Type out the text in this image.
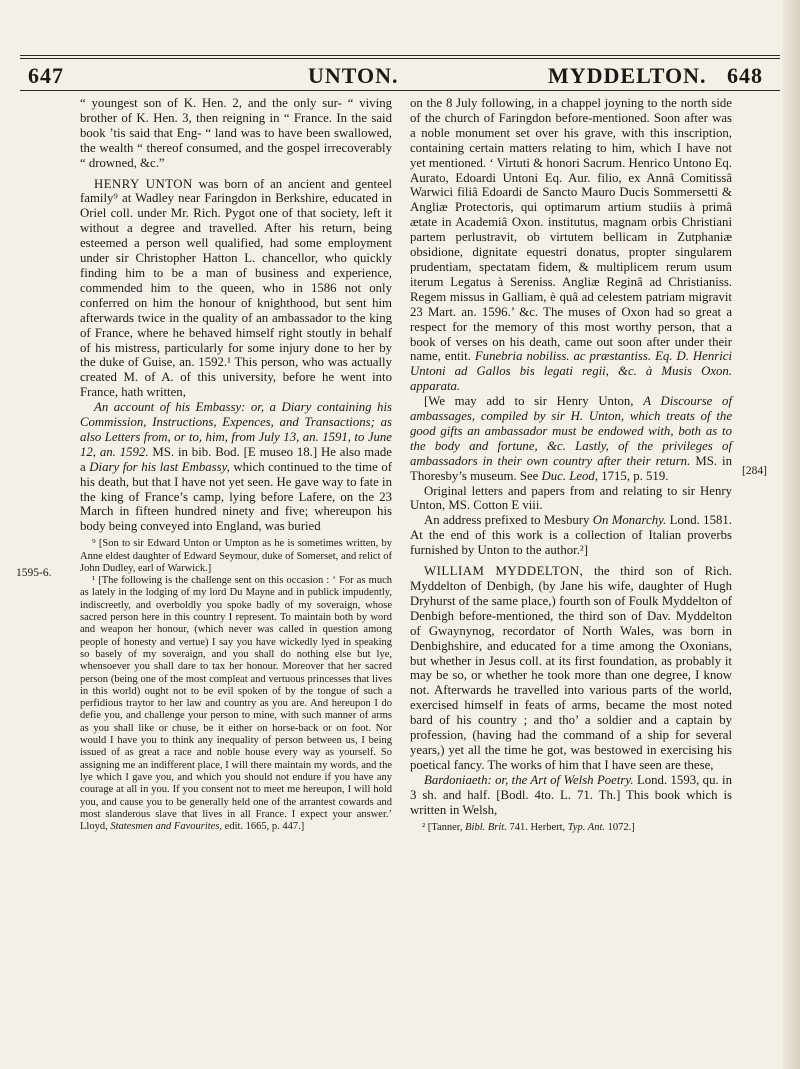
647	UNTON.	MYDDELTON. 648
1595-6.
[284]

“ youngest son of K. Hen. 2, and the only sur- “ viving brother of K. Hen. 3, then reigning in “ France. In the said book ’tis said that Eng- “ land was to have been swallowed, the wealth “ thereof consumed, and the gospel irrecoverably “ drowned, &c.”

HENRY UNTON was born of an ancient and genteel family⁹ at Wadley near Faringdon in Berkshire, educated in Oriel coll. under Mr. Rich. Pygot one of that society, left it without a degree and travelled. After his return, being esteemed a person well qualified, had some employment under sir Christopher Hatton L. chancellor, who quickly finding him to be a man of business and experience, commended him to the queen, who in 1586 not only conferred on him the honour of knighthood, but sent him afterwards twice in the quality of an ambassador to the king of France, where he behaved himself right stoutly in behalf of his mistress, particularly for some injury done to her by the duke of Guise, an. 1592.¹ This person, who was actually created M. of A. of this university, before he went into France, hath written,

An account of his Embassy: or, a Diary containing his Commission, Instructions, Expences, and Transactions; as also Letters from, or to, him, from July 13, an. 1591, to June 12, an. 1592. MS. in bib. Bod. [E museo 18.] He also made a Diary for his last Embassy, which continued to the time of his death, but that I have not yet seen. He gave way to fate in the king of France’s camp, lying before Lafere, on the 23 March in fifteen hundred ninety and five; whereupon his body being conveyed into England, was buried

⁹ [Son to sir Edward Unton or Umpton as he is sometimes written, by Anne eldest daughter of Edward Seymour, duke of Somerset, and relict of John Dudley, earl of Warwick.]

¹ [The following is the challenge sent on this occasion : ‘ For as much as lately in the lodging of my lord Du Mayne and in publick impudently, indiscreetly, and overboldly you spoke badly of my soveraign, whose sacred person here in this country I represent. To maintain both by word and weapon her honour, (which never was called in question among people of honesty and vertue) I say you have wickedly lyed in speaking so basely of my soveraign, and you shall do nothing else but lye, whensoever you shall dare to tax her honour. Moreover that her sacred person (being one of the most compleat and vertuous princesses that lives in this world) ought not to be evil spoken of by the tongue of such a perfidious traytor to her law and country as you are. And hereupon I do defie you, and challenge your person to mine, with such manner of arms as you shall like or chuse, be it either on horse-back or on foot. Nor would I have you to think any inequality of person between us, I being issued of as great a race and noble house every way as yourself. So assigning me an indifferent place, I will there maintain my words, and the lye which I gave you, and which you should not endure if you have any courage at all in you. If you consent not to meet me hereupon, I will hold you, and cause you to be generally held one of the arrantest cowards and most slanderous slave that lives in all France. I expect your answer.’ Lloyd, Statesmen and Favourites, edit. 1665, p. 447.]

on the 8 July following, in a chappel joyning to the north side of the church of Faringdon before-mentioned. Soon after was a noble monument set over his grave, with this inscription, containing certain matters relating to him, which I have not yet mentioned. ‘ Virtuti & honori Sacrum. Henrico Untono Eq. Aurato, Edoardi Untoni Eq. Aur. filio, ex Annâ Comitissâ Warwici filiâ Edoardi de Sancto Mauro Ducis Sommersetti & Angliæ Protectoris, qui optimarum artium studiis à primâ ætate in Academiâ Oxon. institutus, magnam orbis Christiani partem perlustravit, ob virtutem bellicam in Zutphaniæ obsidione, dignitate equestri donatus, propter singularem prudentiam, spectatam fidem, & multiplicem rerum usum iterum Legatus à Sereniss. Angliæ Reginâ ad Christianiss. Regem missus in Galliam, è quâ ad celestem patriam migravit 23 Mart. an. 1596.’ &c. The muses of Oxon had so great a respect for the memory of this most worthy person, that a book of verses on his death, came out soon after under their name, entit. Funebria nobiliss. ac præstantiss. Eq. D. Henrici Untoni ad Gallos bis legati regii, &c. à Musis Oxon. apparata.

[We may add to sir Henry Unton, A Discourse of ambassages, compiled by sir H. Unton, which treats of the good gifts an ambassador must be endowed with, both as to the body and fortune, &c. Lastly, of the privileges of ambassadors in their own country after their return. MS. in Thoresby’s museum. See Duc. Leod, 1715, p. 519.

Original letters and papers from and relating to sir Henry Unton, MS. Cotton E viii.

An address prefixed to Mesbury On Monarchy. Lond. 1581. At the end of this work is a collection of Italian proverbs furnished by Unton to the author.²]

WILLIAM MYDDELTON, the third son of Rich. Myddelton of Denbigh, (by Jane his wife, daughter of Hugh Dryhurst of the same place,) fourth son of Foulk Myddelton of Denbigh before-mentioned, the third son of Dav. Myddelton of Gwaynynog, recordator of North Wales, was born in Denbighshire, and educated for a time among the Oxonians, but whether in Jesus coll. at its first foundation, as probably it may be so, or whether he took more than one degree, I know not. Afterwards he travelled into various parts of the world, exercised himself in feats of arms, became the most noted bard of his country ; and tho’ a soldier and a captain by profession, (having had the command of a ship for several years,) yet all the time he got, was bestowed in exercising his poetical fancy. The works of him that I have seen are these,

Bardoniaeth: or, the Art of Welsh Poetry. Lond. 1593, qu. in 3 sh. and half. [Bodl. 4to. L. 71. Th.] This book which is written in Welsh,

² [Tanner, Bibl. Brit. 741. Herbert, Typ. Ant. 1072.]
